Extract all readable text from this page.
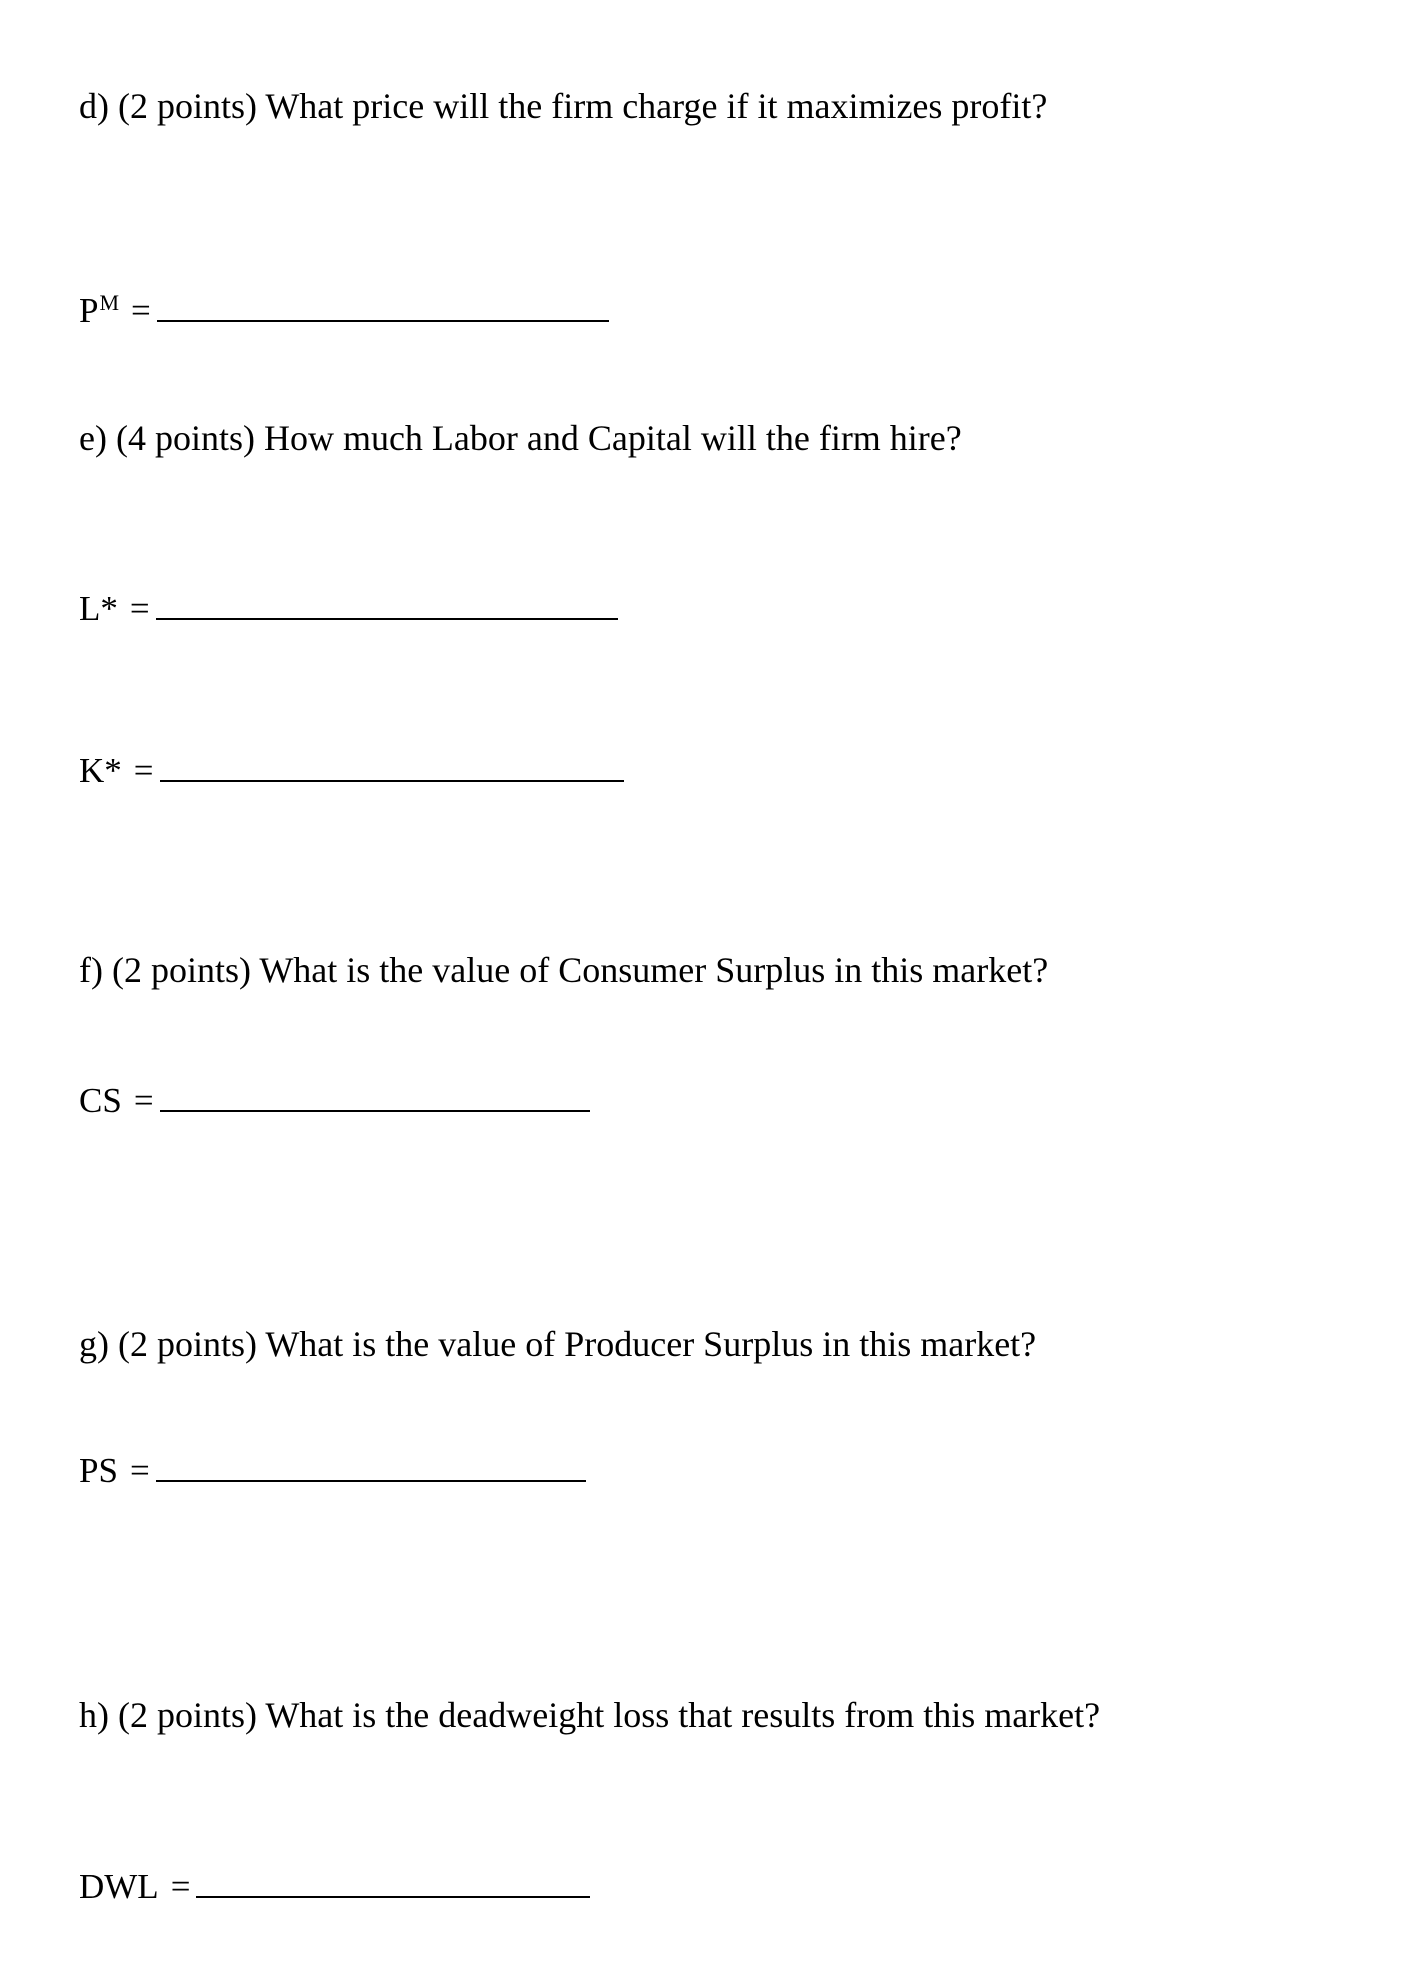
d) (2 points) What price will the firm charge if it maximizes profit?

P M =

e) (4 points) How much Labor and Capital will the firm hire?

L* =
K* =

f) (2 points) What is the value of Consumer Surplus in this market?

CS =

g) (2 points) What is the value of Producer Surplus in this market?

PS =

h) (2 points) What is the deadweight loss that results from this market?

DWL =
